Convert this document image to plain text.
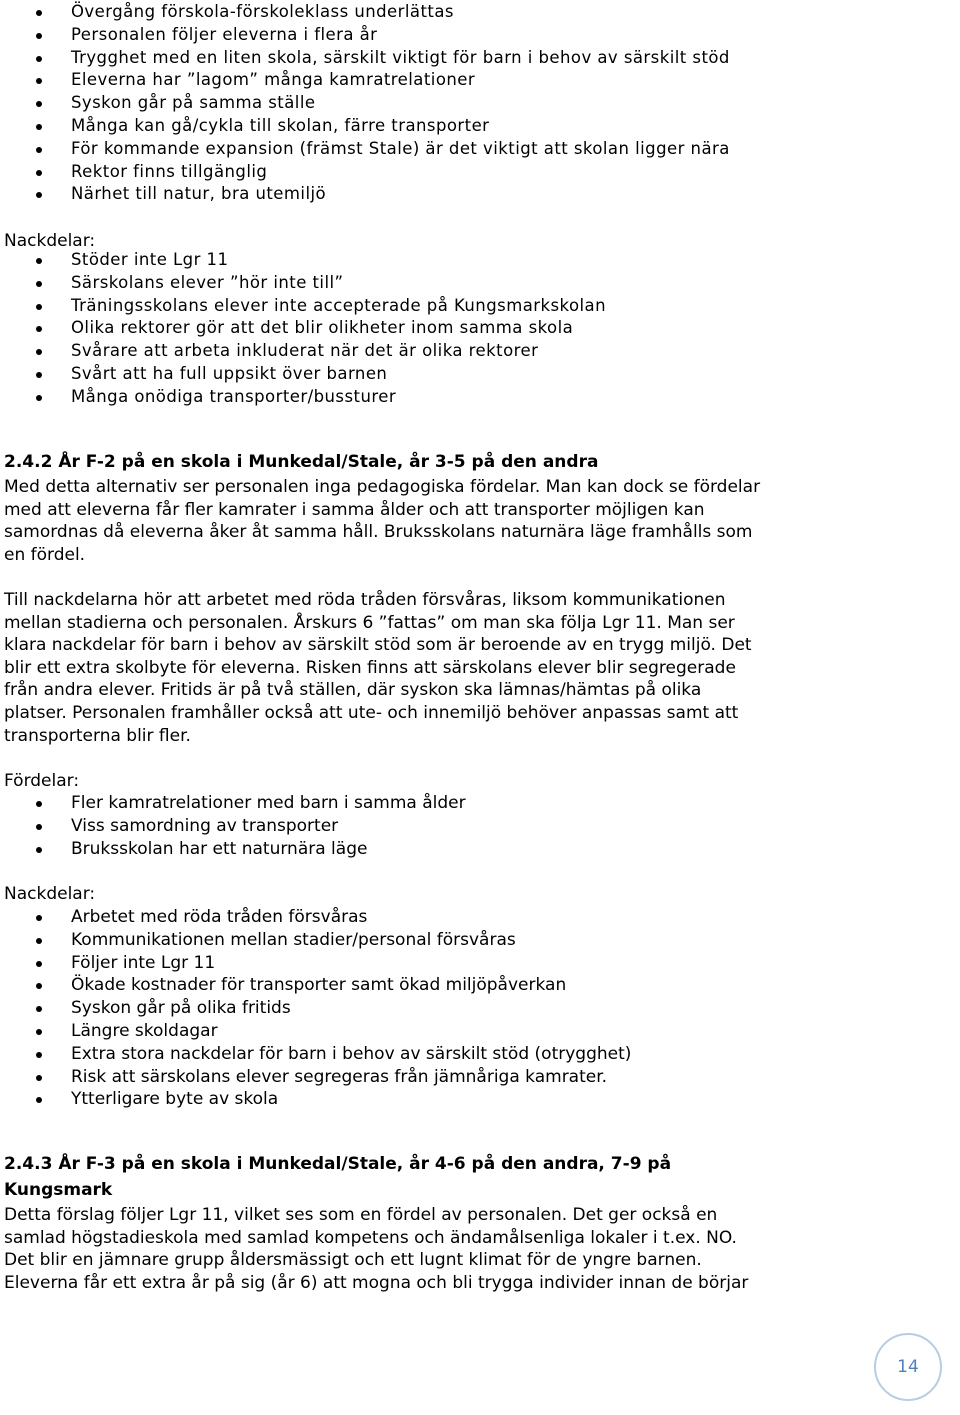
Övergång förskola-förskoleklass underlättas
Personalen följer eleverna i flera år
Trygghet med en liten skola, särskilt viktigt för barn i behov av särskilt stöd
Eleverna har ”lagom” många kamratrelationer
Syskon går på samma ställe
Många kan gå/cykla till skolan, färre transporter
För kommande expansion (främst Stale) är det viktigt att skolan ligger nära
Rektor finns tillgänglig
Närhet till natur, bra utemiljö

Nackdelar:

Stöder inte Lgr 11
Särskolans elever ”hör inte till”
Träningsskolans elever inte accepterade på Kungsmarkskolan
Olika rektorer gör att det blir olikheter inom samma skola
Svårare att arbeta inkluderat när det är olika rektorer
Svårt att ha full uppsikt över barnen
Många onödiga transporter/bussturer

2.4.2 År F-2 på en skola i Munkedal/Stale, år 3-5 på den andra

Med detta alternativ ser personalen inga pedagogiska fördelar. Man kan dock se fördelar

med att eleverna får fler kamrater i samma ålder och att transporter möjligen kan

samordnas då eleverna åker åt samma håll. Bruksskolans naturnära läge framhålls som

en fördel.

Till nackdelarna hör att arbetet med röda tråden försvåras, liksom kommunikationen

mellan stadierna och personalen. Årskurs 6 ”fattas” om man ska följa Lgr 11. Man ser

klara nackdelar för barn i behov av särskilt stöd som är beroende av en trygg miljö. Det

blir ett extra skolbyte för eleverna. Risken finns att särskolans elever blir segregerade

från andra elever. Fritids är på två ställen, där syskon ska lämnas/hämtas på olika

platser. Personalen framhåller också att ute- och innemiljö behöver anpassas samt att

transporterna blir fler.

Fördelar:

Fler kamratrelationer med barn i samma ålder
Viss samordning av transporter
Bruksskolan har ett naturnära läge

Nackdelar:

Arbetet med röda tråden försvåras
Kommunikationen mellan stadier/personal försvåras
Följer inte Lgr 11
Ökade kostnader för transporter samt ökad miljöpåverkan
Syskon går på olika fritids
Längre skoldagar
Extra stora nackdelar för barn i behov av särskilt stöd (otrygghet)
Risk att särskolans elever segregeras från jämnåriga kamrater.
Ytterligare byte av skola

2.4.3 År F-3 på en skola i Munkedal/Stale, år 4-6 på den andra, 7-9 på

Kungsmark

Detta förslag följer Lgr 11, vilket ses som en fördel av personalen. Det ger också en

samlad högstadieskola med samlad kompetens och ändamålsenliga lokaler i t.ex. NO.

Det blir en jämnare grupp åldersmässigt och ett lugnt klimat för de yngre barnen.

Eleverna får ett extra år på sig (år 6) att mogna och bli trygga individer innan de börjar

14
